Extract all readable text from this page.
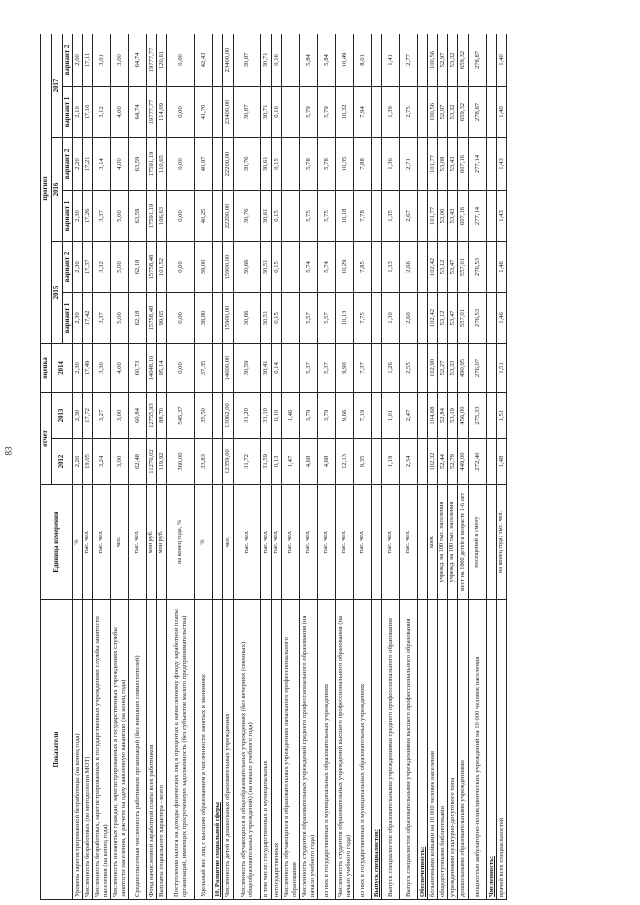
83
Показатели	Единица измерения	отчет		оценка	прогноз					
		2012	2013	2014	2015		2016		2017	
					вариант 1	вариант 2	вариант 1	вариант 2	вариант 1	вариант 2
Уровень зарегистрированной безработицы (на конец года)	%	2,20	2,30	2,30	2,30	2,30	2,30	2,20	2,10	2,00
Численность безработных (по методологии МОТ)	тыс. чел.	19,05	17,72	17,49	17,42	17,37	17,26	17,21	17,16	17,11
Численность безработных, зарегистрированных в государственных учреждениях службы занятости населения (на конец года)	тыс. чел.	3,24	3,27	3,30	3,37	3,32	3,37	3,14	3,12	3,01
Численность незанятых граждан, зарегистрированных в государственных учреждениях службы занятости населения, в расчете на одну заявленную вакансию (на конец года)	чел.	3,00	3,00	4,00	5,00	5,00	5,00	4,00	4,00	3,00
Среднесписочная численность работников организаций (без внешних совместителей)	тыс. чел.	62,48	60,84	60,73	62,18	62,18	63,59	63,59	64,74	64,74
Фонд начисленной заработной платы всех работников	млн руб.	11276,02	12755,93	14048,10	15758,48	15758,48	17591,19	17591,19	19777,77	19777,77
Выплаты социального характера - всего	млн руб.	119,92	88,70	95,14	99,65	101,52	106,63	110,65	114,09	120,61
Поступления налога на доходы физических лиц в процентах к начисленному фонду заработной платы организаций, имеющих просроченную задолженность (без субъектов малого предпринимательства)	на конец года, %	360,00	545,37	0,00	0,00	0,00	0,00	0,00	0,00	0,00
Удельный вес лиц с высшим образованием в численности занятых в экономике	%	33,83	35,50	37,35	38,80	39,00	40,25	40,97	41,70	42,43
10. Развитие социальной сферы										
Численность детей в дошкольных образовательных учреждениях	чел.	12359,00	13062,00	14600,00	15900,00	15900,00	22200,00	22200,00	23400,00	23400,00
Численность обучающихся в общеобразовательных учреждениях (без вечерних (сменных) общеобразовательных учреждений) (на начало учебного года)	тыс. чел.	31,72	31,20	30,59	30,66	30,66	30,76	30,76	30,87	30,87
в том числе: государственных и муниципальных	тыс. чел.	31,59	31,10	30,41	30,51	30,51	30,61	30,61	30,71	30,71
негосударственных	тыс. чел.	0,13	0,10	0,14	0,15	0,15	0,15	0,15	0,16	0,16
Численность обучающихся в образовательных учреждениях начального профессионального образования	тыс. чел.	1,47	1,46							
Численность студентов образовательных учреждений среднего профессионального образования (на начало учебного года)	тыс. чел.	4,68	3,79	5,37	5,57	5,74	5,75	5,78	5,79	5,84
из них в государственных и муниципальных образовательных учреждениях	тыс. чел.	4,68	3,79	5,37	5,57	5,74	5,75	5,78	5,79	5,84
Численность студентов образовательных учреждений высшего профессионального образования (на начало учебного года)	тыс. чел.	12,13	9,66	9,90	10,13	10,29	10,18	10,35	10,32	10,49
из них в государственных и муниципальных образовательных учреждениях	тыс. чел.	9,35	7,19	7,37	7,75	7,85	7,78	7,88	7,94	8,01
Выпуск специалистов:										
Выпуск специалистов образовательными учреждениями среднего профессионального образования	тыс. чел.	1,19	1,01	1,26	1,30	1,33	1,35	1,36	1,39	1,41
Выпуск специалистов образовательными учреждениями высшего профессионального образования	тыс. чел.	2,34	2,47	2,55	2,60	2,66	2,67	2,71	2,75	2,77
Обеспеченность:										
больничными койками на 10 000 человек населения	коек	102,32	104,68	102,90	102,42	102,42	101,77	101,77	100,56	100,56
общедоступными библиотеками	учрежд. на 100 тыс. населения	52,44	52,84	52,27	53,12	53,12	53,06	53,08	52,97	52,97
учреждениями культурно-досугового типа	учрежд. на 100 тыс. населения	52,79	53,19	53,33	53,47	53,47	53,43	53,43	53,32	53,32
дошкольными образовательными учреждениями	мест на 1000 детей в возрасте 1-6 лет	449,00	456,00	490,95	557,01	557,01	607,16	607,16	659,32	659,32
мощностью амбулаторно-поликлинических учреждений на 10 000 человек населения	посещений в смену	272,40	275,33	276,07	276,53	276,53	277,14	277,14	278,87	278,87
Численность:										
врачей всех специальностей	на конец года; тыс. чел.	1,48	1,51	1,51	1,46	1,46	1,43	1,43	1,40	1,40
